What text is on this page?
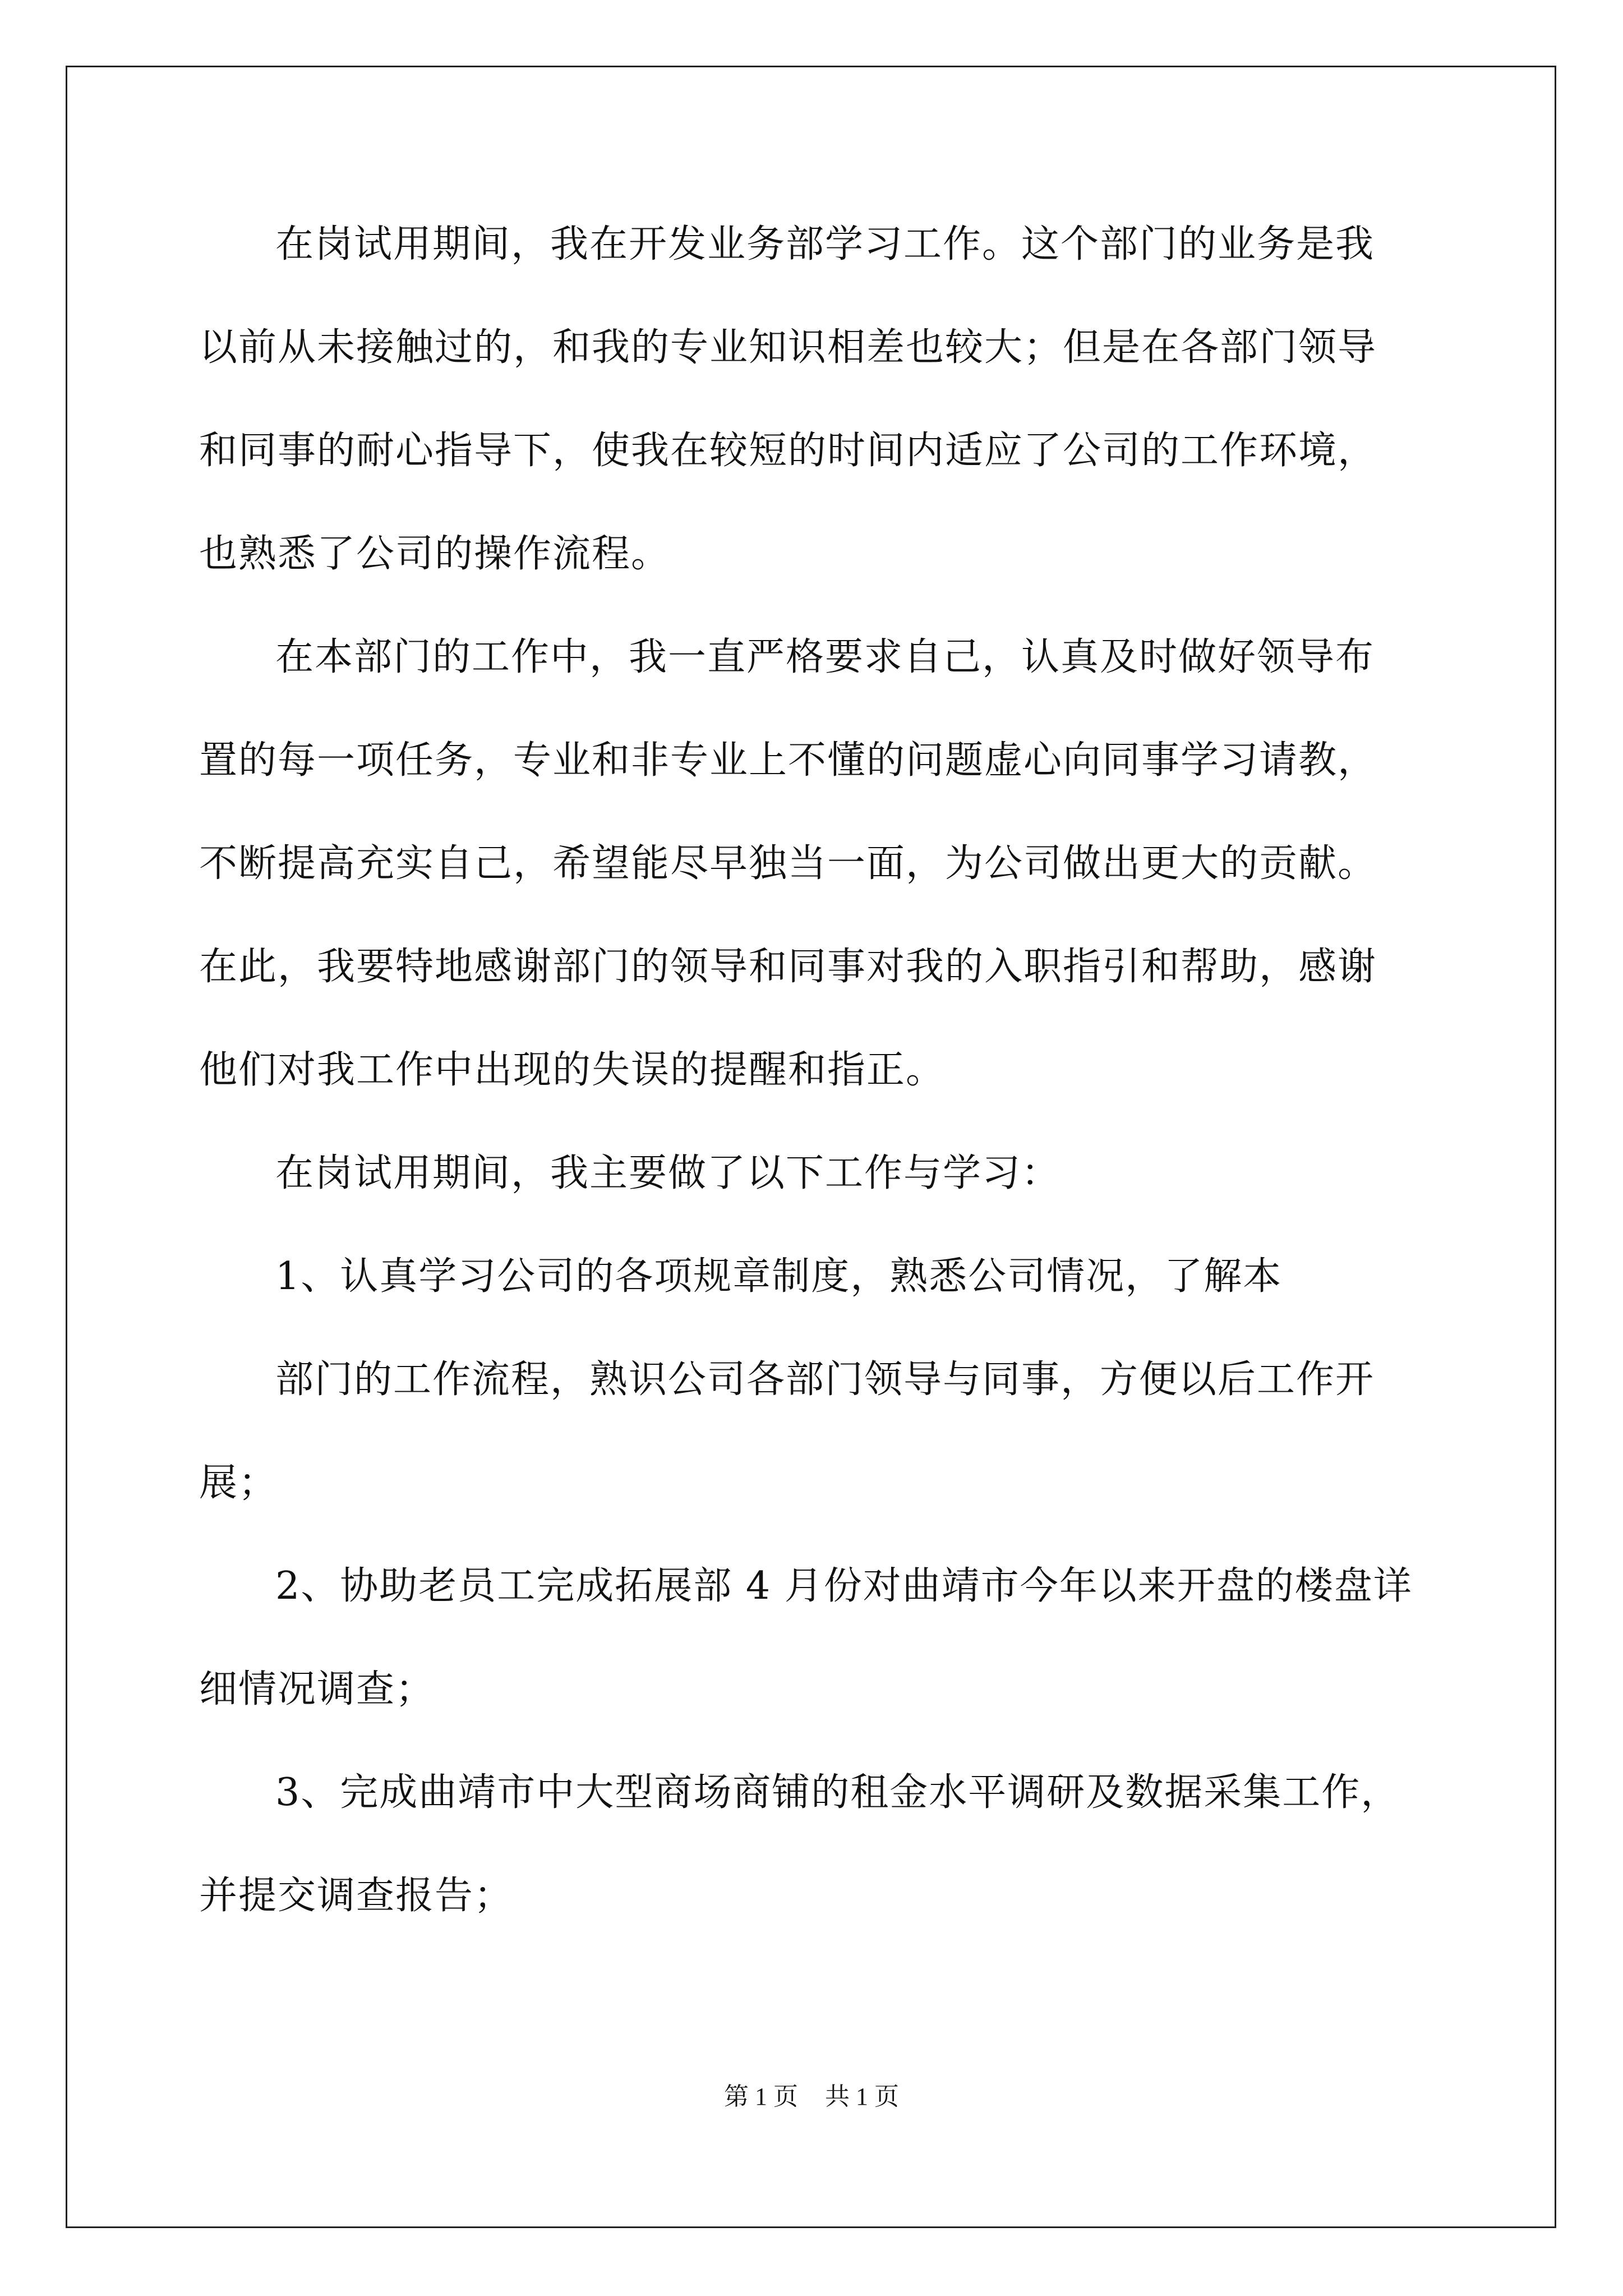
在岗试用期间，我在开发业务部学习工作。这个部门的业务是我
以前从未接触过的，和我的专业知识相差也较大；但是在各部门领导
和同事的耐心指导下，使我在较短的时间内适应了公司的工作环境，
也熟悉了公司的操作流程。
在本部门的工作中，我一直严格要求自己，认真及时做好领导布
置的每一项任务，专业和非专业上不懂的问题虚心向同事学习请教，
不断提高充实自己，希望能尽早独当一面，为公司做出更大的贡献。
在此，我要特地感谢部门的领导和同事对我的入职指引和帮助，感谢
他们对我工作中出现的失误的提醒和指正。
在岗试用期间，我主要做了以下工作与学习：
1、认真学习公司的各项规章制度，熟悉公司情况，了解本
部门的工作流程，熟识公司各部门领导与同事，方便以后工作开
展；
2、协助老员工完成拓展部 4 月份对曲靖市今年以来开盘的楼盘详
细情况调查；
3、完成曲靖市中大型商场商铺的租金水平调研及数据采集工作，
并提交调查报告；
第 1 页 共 1 页
